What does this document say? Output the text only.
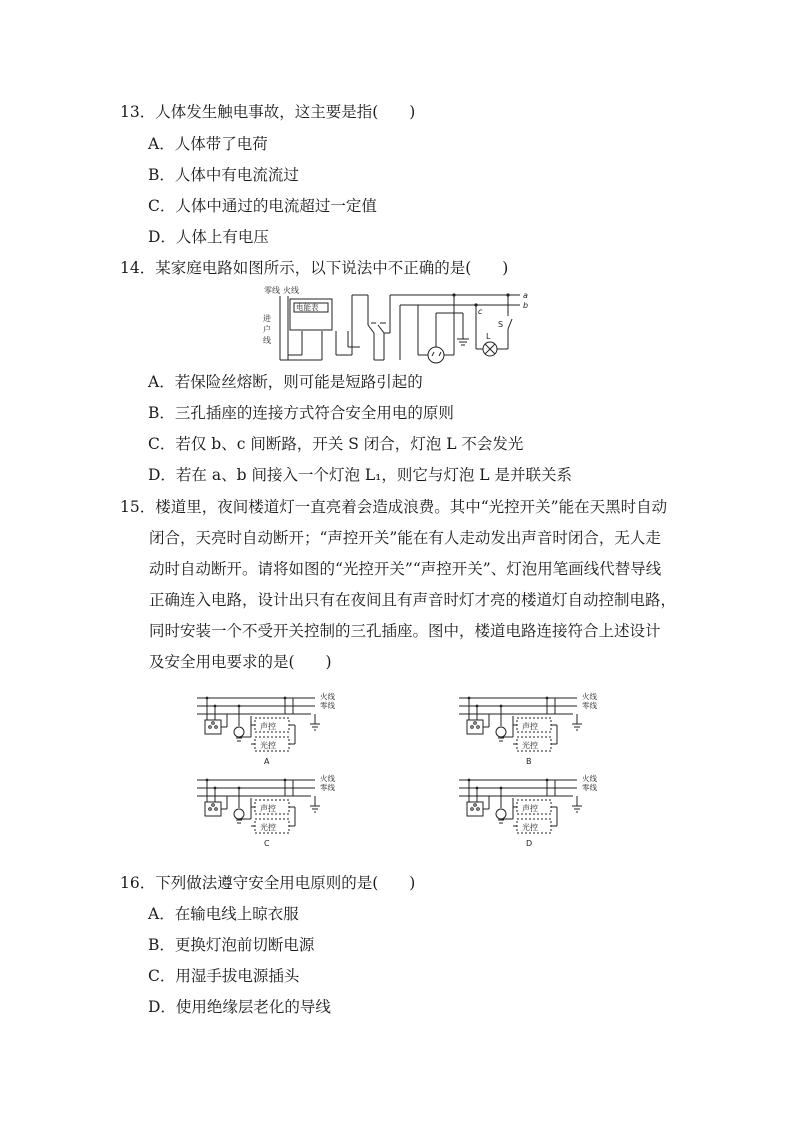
13．人体发生触电事故，这主要是指(　　)
A．人体带了电荷
B．人体中有电流流过
C．人体中通过的电流超过一定值
D．人体上有电压
14．某家庭电路如图所示，以下说法中不正确的是(　　)
零线 火线
电能表
进
户
线
a
b
c
S
L
A．若保险丝熔断，则可能是短路引起的
B．三孔插座的连接方式符合安全用电的原则
C．若仅 b、c 间断路，开关 S 闭合，灯泡 L 不会发光
D．若在 a、b 间接入一个灯泡 L₁，则它与灯泡 L 是并联关系
15．楼道里，夜间楼道灯一直亮着会造成浪费。其中“光控开关”能在天黑时自动
闭合，天亮时自动断开；“声控开关”能在有人走动发出声音时闭合，无人走
动时自动断开。请将如图的“光控开关”“声控开关”、灯泡用笔画线代替导线
正确连入电路，设计出只有在夜间且有声音时灯才亮的楼道灯自动控制电路，
同时安装一个不受开关控制的三孔插座。图中，楼道电路连接符合上述设计
及安全用电要求的是(　　)
火线
零线
声控
光控
A
火线
零线
声控
光控
B
火线
零线
声控
光控
C
火线
零线
声控
光控
D
16．下列做法遵守安全用电原则的是(　　)
A．在输电线上晾衣服
B．更换灯泡前切断电源
C．用湿手拔电源插头
D．使用绝缘层老化的导线
